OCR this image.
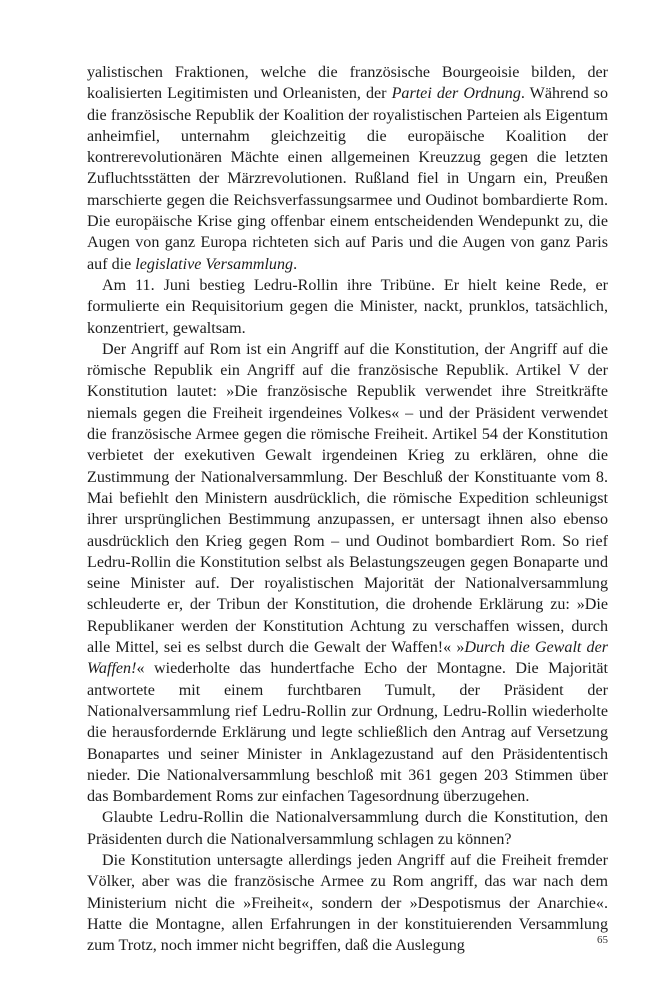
yalistischen Fraktionen, welche die französische Bourgeoisie bilden, der koalisierten Legitimisten und Orleanisten, der Partei der Ordnung. Während so die französische Republik der Koalition der royalistischen Parteien als Eigentum anheimfiel, unternahm gleichzeitig die europäische Koalition der kontrerevolutionären Mächte einen allgemeinen Kreuzzug gegen die letzten Zufluchtsstätten der Märzrevolutionen. Rußland fiel in Ungarn ein, Preußen marschierte gegen die Reichsverfassungsarmee und Oudinot bombardierte Rom. Die europäische Krise ging offenbar einem entscheidenden Wendepunkt zu, die Augen von ganz Europa richteten sich auf Paris und die Augen von ganz Paris auf die legislative Versammlung.

Am 11. Juni bestieg Ledru-Rollin ihre Tribüne. Er hielt keine Rede, er formulierte ein Requisitorium gegen die Minister, nackt, prunklos, tatsächlich, konzentriert, gewaltsam.

Der Angriff auf Rom ist ein Angriff auf die Konstitution, der Angriff auf die römische Republik ein Angriff auf die französische Republik. Artikel V der Konstitution lautet: »Die französische Republik verwendet ihre Streitkräfte niemals gegen die Freiheit irgendeines Volkes« – und der Präsident verwendet die französische Armee gegen die römische Freiheit. Artikel 54 der Konstitution verbietet der exekutiven Gewalt irgendeinen Krieg zu erklären, ohne die Zustimmung der Nationalversammlung. Der Beschluß der Konstituante vom 8. Mai befiehlt den Ministern ausdrücklich, die römische Expedition schleunigst ihrer ursprünglichen Bestimmung anzupassen, er untersagt ihnen also ebenso ausdrücklich den Krieg gegen Rom – und Oudinot bombardiert Rom. So rief Ledru-Rollin die Konstitution selbst als Belastungszeugen gegen Bonaparte und seine Minister auf. Der royalistischen Majorität der Nationalversammlung schleuderte er, der Tribun der Konstitution, die drohende Erklärung zu: »Die Republikaner werden der Konstitution Achtung zu verschaffen wissen, durch alle Mittel, sei es selbst durch die Gewalt der Waffen!« »Durch die Gewalt der Waffen!« wiederholte das hundertfache Echo der Montagne. Die Majorität antwortete mit einem furchtbaren Tumult, der Präsident der Nationalversammlung rief Ledru-Rollin zur Ordnung, Ledru-Rollin wiederholte die herausfordernde Erklärung und legte schließlich den Antrag auf Versetzung Bonapartes und seiner Minister in Anklagezustand auf den Präsidententisch nieder. Die Nationalversammlung beschloß mit 361 gegen 203 Stimmen über das Bombardement Roms zur einfachen Tagesordnung überzugehen.

Glaubte Ledru-Rollin die Nationalversammlung durch die Konstitution, den Präsidenten durch die Nationalversammlung schlagen zu können?

Die Konstitution untersagte allerdings jeden Angriff auf die Freiheit fremder Völker, aber was die französische Armee zu Rom angriff, das war nach dem Ministerium nicht die »Freiheit«, sondern der »Despotismus der Anarchie«. Hatte die Montagne, allen Erfahrungen in der konstituierenden Versammlung zum Trotz, noch immer nicht begriffen, daß die Auslegung	65
